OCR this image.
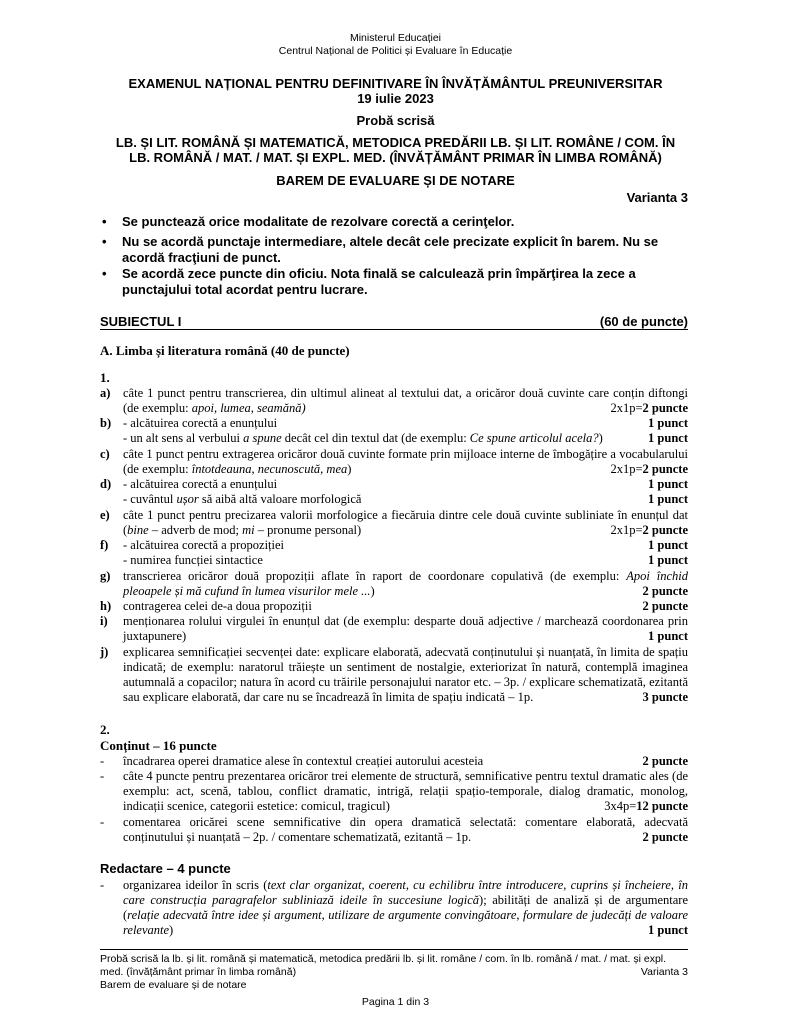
Ministerul Educației
Centrul Național de Politici și Evaluare în Educație
EXAMENUL NAȚIONAL PENTRU DEFINITIVARE ÎN ÎNVĂȚĂMÂNTUL PREUNIVERSITAR
19 iulie 2023
Probă scrisă
LB. ȘI LIT. ROMÂNĂ ȘI MATEMATICĂ, METODICA PREDĂRII LB. ȘI LIT. ROMÂNE / COM. ÎN
LB. ROMÂNĂ / MAT. / MAT. ȘI EXPL. MED. (ÎNVĂȚĂMÂNT PRIMAR ÎN LIMBA ROMÂNĂ)
BAREM DE EVALUARE ȘI DE NOTARE
Varianta 3
• Se punctează orice modalitate de rezolvare corectă a cerinţelor.
• Nu se acordă punctaje intermediare, altele decât cele precizate explicit în barem. Nu se acordă fracţiuni de punct.
• Se acordă zece puncte din oficiu. Nota finală se calculează prin împărţirea la zece a punctajului total acordat pentru lucrare.
SUBIECTUL I	(60 de puncte)
A. Limba și literatura română (40 de puncte)
1.
a) câte 1 punct pentru transcrierea, din ultimul alineat al textului dat, a oricăror două cuvinte care conțin diftongi (de exemplu: apoi, lumea, seamănă)	2x1p=2 puncte
b) - alcătuirea corectă a enunțului	1 punct
- un alt sens al verbului a spune decât cel din textul dat (de exemplu: Ce spune articolul acela?)	1 punct
c) câte 1 punct pentru extragerea oricăror două cuvinte formate prin mijloace interne de îmbogățire a vocabularului (de exemplu: întotdeauna, necunoscută, mea)	2x1p=2 puncte
d) - alcătuirea corectă a enunțului	1 punct
- cuvântul ușor să aibă altă valoare morfologică	1 punct
e) câte 1 punct pentru precizarea valorii morfologice a fiecăruia dintre cele două cuvinte subliniate în enunțul dat (bine – adverb de mod; mi – pronume personal)	2x1p=2 puncte
f) - alcătuirea corectă a propoziției	1 punct
- numirea funcției sintactice	1 punct
g) transcrierea oricăror două propoziții aflate în raport de coordonare copulativă (de exemplu: Apoi închid pleoapele și mă cufund în lumea visurilor mele ...)	2 puncte
h) contragerea celei de-a doua propoziții	2 puncte
i) menționarea rolului virgulei în enunțul dat (de exemplu: desparte două adjective / marchează coordonarea prin juxtapunere)	1 punct
j) explicarea semnificației secvenței date: explicare elaborată, adecvată conținutului și nuanțată, în limita de spațiu indicată; de exemplu: naratorul trăiește un sentiment de nostalgie, exteriorizat în natură, contemplă imaginea autumnală a copacilor; natura în acord cu trăirile personajului narator etc. – 3p. / explicare schematizată, ezitantă sau explicare elaborată, dar care nu se încadrează în limita de spațiu indicată – 1p.	3 puncte
2.
Conținut – 16 puncte
- încadrarea operei dramatice alese în contextul creației autorului acesteia	2 puncte
- câte 4 puncte pentru prezentarea oricăror trei elemente de structură, semnificative pentru textul dramatic ales (de exemplu: act, scenă, tablou, conflict dramatic, intrigă, relații spațio-temporale, dialog dramatic, monolog, indicații scenice, categorii estetice: comicul, tragicul)	3x4p=12 puncte
- comentarea oricărei scene semnificative din opera dramatică selectată: comentare elaborată, adecvată conținutului și nuanțată – 2p. / comentare schematizată, ezitantă – 1p.	2 puncte
Redactare – 4 puncte
- organizarea ideilor în scris (text clar organizat, coerent, cu echilibru între introducere, cuprins și încheiere, în care construcția paragrafelor subliniază ideile în succesiune logică); abilități de analiză și de argumentare (relație adecvată între idee și argument, utilizare de argumente convingătoare, formulare de judecăți de valoare relevante)	1 punct
Probă scrisă la lb. și lit. română și matematică, metodica predării lb. și lit. române / com. în lb. română / mat. / mat. și expl.
med. (învățământ primar în limba română)	Varianta 3
Barem de evaluare și de notare
Pagina 1 din 3
